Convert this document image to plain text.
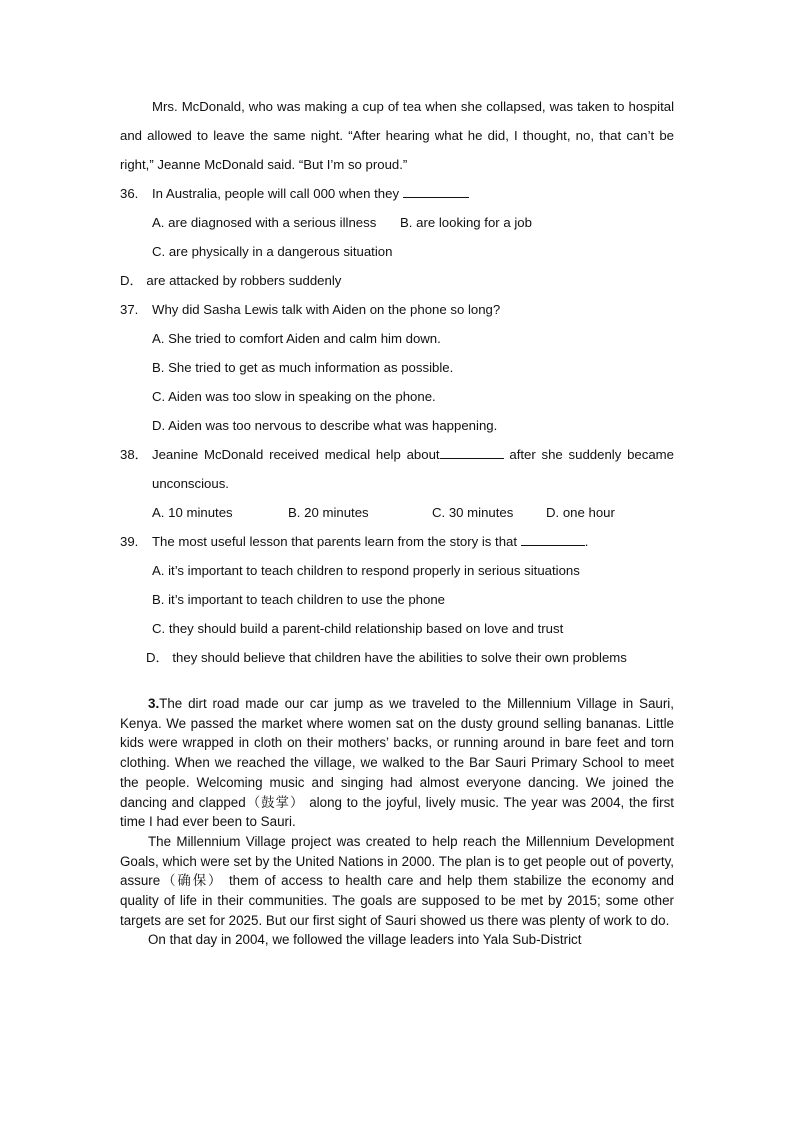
Mrs. McDonald, who was making a cup of tea when she collapsed, was taken to hospital and allowed to leave the same night. “After hearing what he did, I thought, no, that can’t be right,” Jeanne McDonald said. “But I’m so proud.”
36.	In Australia, people will call 000 when they
A. are diagnosed with a serious illness B. are looking for a job
C. are physically in a dangerous situation
D． are attacked by robbers suddenly
37.	Why did Sasha Lewis talk with Aiden on the phone so long?
A. She tried to comfort Aiden and calm him down.
B. She tried to get as much information as possible.
C. Aiden was too slow in speaking on the phone.
D. Aiden was too nervous to describe what was happening.
38． Jeanine McDonald received medical help about	after she suddenly became unconscious.
A. 10 minutes	B. 20 minutes	C. 30 minutes D. one hour
39.	The most useful lesson that parents learn from the story is that	.
A. it’s important to teach children to respond properly in serious situations
B. it’s important to teach children to use the phone
C. they should build a parent-child relationship based on love and trust
D． they should believe that children have the abilities to solve their own problems

3.The dirt road made our car jump as we traveled to the Millennium Village in Sauri, Kenya. We passed the market where women sat on the dusty ground selling bananas. Little kids were wrapped in cloth on their mothers’ backs, or running around in bare feet and torn clothing. When we reached the village, we walked to the Bar Sauri Primary School to meet the people. Welcoming music and singing had almost everyone dancing. We joined the dancing and clapped（鼓掌） along to the joyful, lively music. The year was 2004, the first time I had ever been to Sauri.

The Millennium Village project was created to help reach the Millennium Development Goals, which were set by the United Nations in 2000. The plan is to get people out of poverty, assure（确保） them of access to health care and help them stabilize the economy and quality of life in their communities. The goals are supposed to be met by 2015; some other targets are set for 2025. But our first sight of Sauri showed us there was plenty of work to do.

On that day in 2004, we followed the village leaders into Yala Sub-District
